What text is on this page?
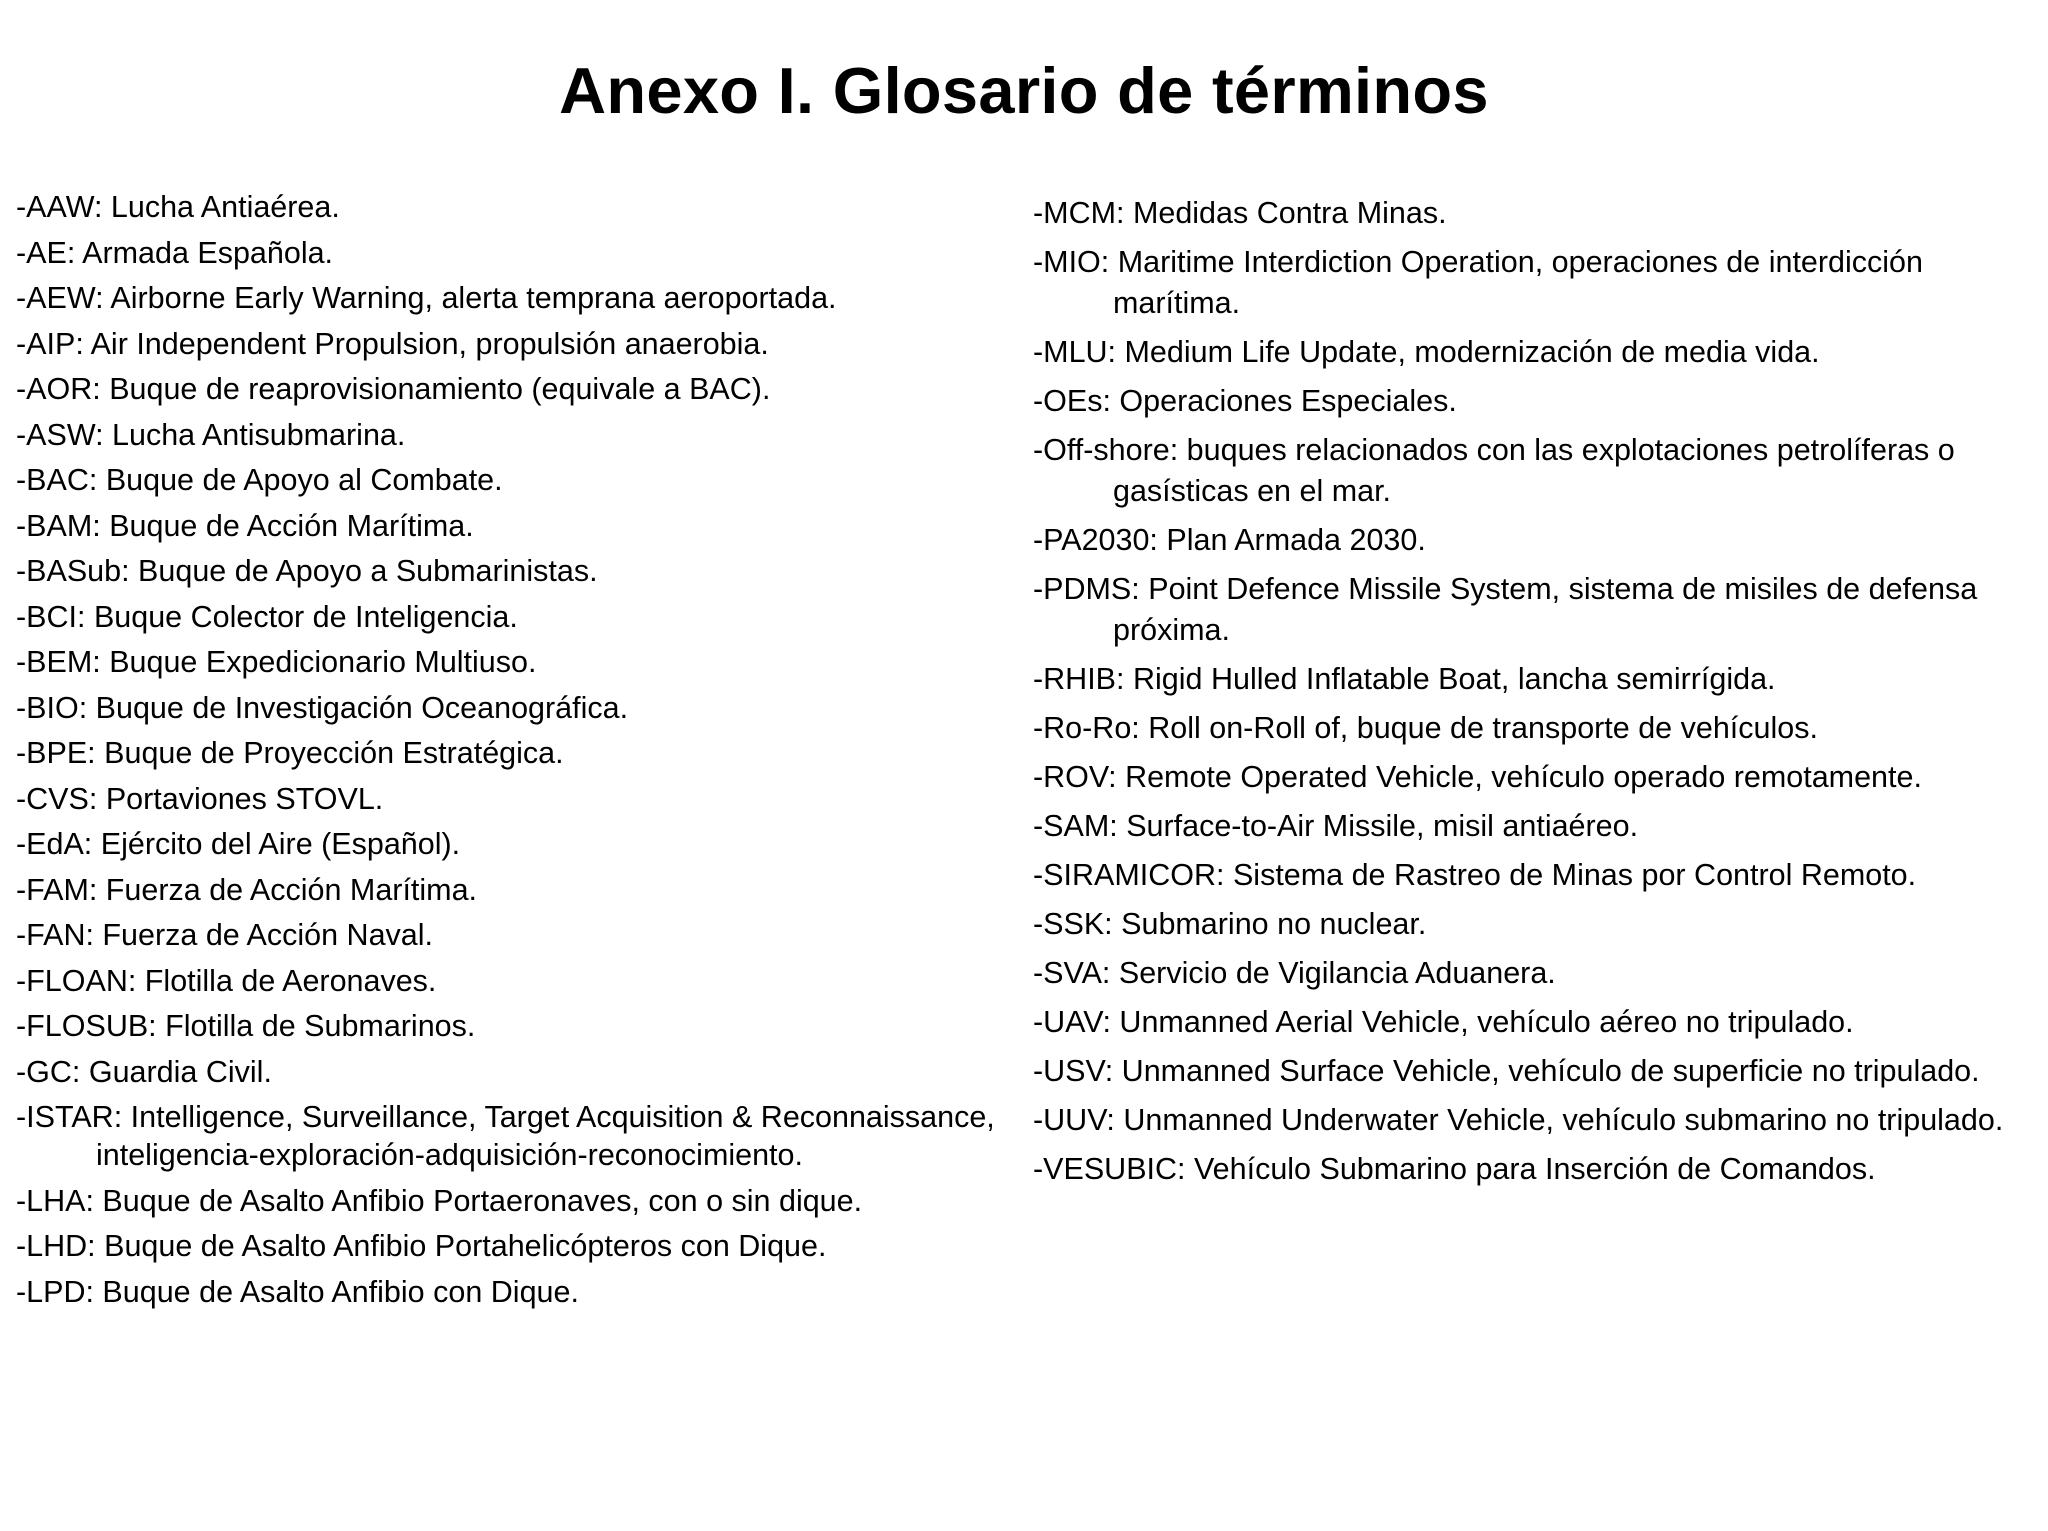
Anexo I. Glosario de términos

-AAW: Lucha Antiaérea.

-AE: Armada Española.

-AEW: Airborne Early Warning, alerta temprana aeroportada.

-AIP: Air Independent Propulsion, propulsión anaerobia.

-AOR: Buque de reaprovisionamiento (equivale a BAC).

-ASW: Lucha Antisubmarina.

-BAC: Buque de Apoyo al Combate.

-BAM: Buque de Acción Marítima.

-BASub: Buque de Apoyo a Submarinistas.

-BCI: Buque Colector de Inteligencia.

-BEM: Buque Expedicionario Multiuso.

-BIO: Buque de Investigación Oceanográfica.

-BPE: Buque de Proyección Estratégica.

-CVS: Portaviones STOVL.

-EdA: Ejército del Aire (Español).

-FAM: Fuerza de Acción Marítima.

-FAN: Fuerza de Acción Naval.

-FLOAN: Flotilla de Aeronaves.

-FLOSUB: Flotilla de Submarinos.

-GC: Guardia Civil.

-ISTAR: Intelligence, Surveillance, Target Acquisition & Reconnaissance, inteligencia-exploración-adquisición-reconocimiento.

-LHA: Buque de Asalto Anfibio Portaeronaves, con o sin dique.

-LHD: Buque de Asalto Anfibio Portahelicópteros con Dique.

-LPD: Buque de Asalto Anfibio con Dique.

-MCM: Medidas Contra Minas.

-MIO: Maritime Interdiction Operation, operaciones de interdicción marítima.

-MLU: Medium Life Update, modernización de media vida.

-OEs: Operaciones Especiales.

-Off-shore: buques relacionados con las explotaciones petrolíferas o gasísticas en el mar.

-PA2030: Plan Armada 2030.

-PDMS: Point Defence Missile System, sistema de misiles de defensa próxima.

-RHIB: Rigid Hulled Inflatable Boat, lancha semirrígida.

-Ro-Ro: Roll on-Roll of, buque de transporte de vehículos.

-ROV: Remote Operated Vehicle, vehículo operado remotamente.

-SAM: Surface-to-Air Missile, misil antiaéreo.

-SIRAMICOR: Sistema de Rastreo de Minas por Control Remoto.

-SSK: Submarino no nuclear.

-SVA: Servicio de Vigilancia Aduanera.

-UAV: Unmanned Aerial Vehicle, vehículo aéreo no tripulado.

-USV: Unmanned Surface Vehicle, vehículo de superficie no tripulado.

-UUV: Unmanned Underwater Vehicle, vehículo submarino no tripulado.

-VESUBIC: Vehículo Submarino para Inserción de Comandos.
